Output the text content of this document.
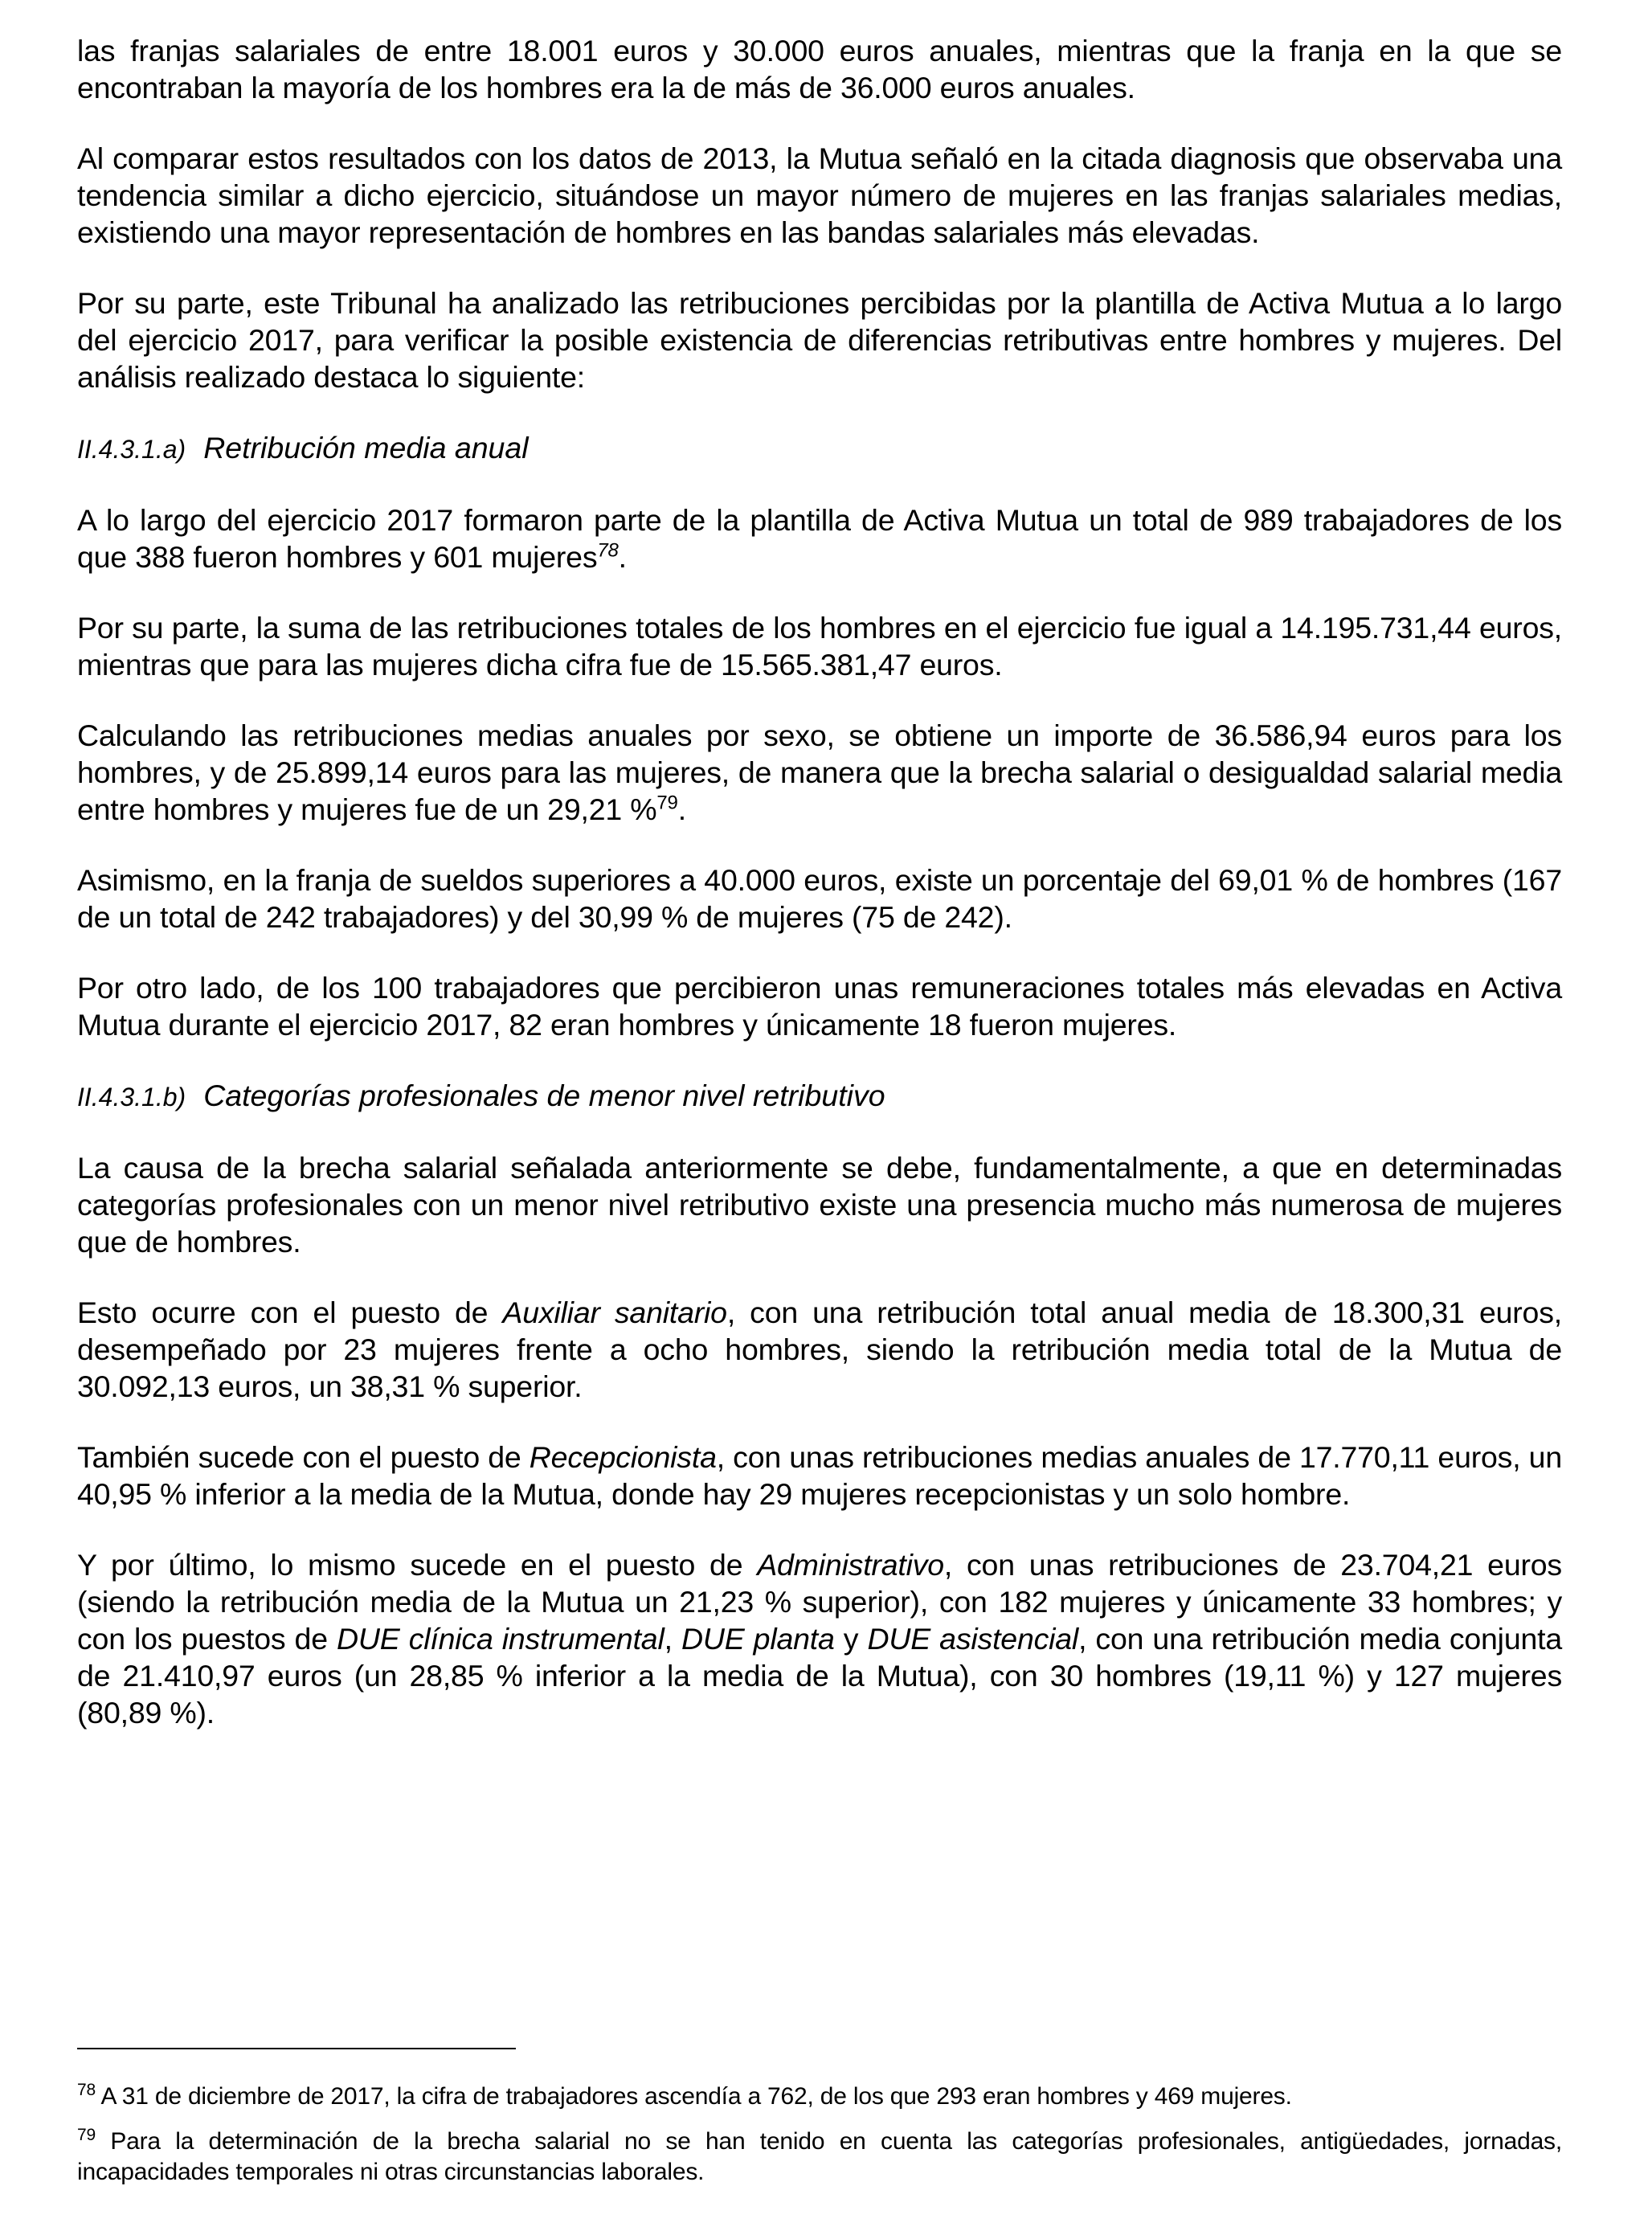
las franjas salariales de entre 18.001 euros y 30.000 euros anuales, mientras que la franja en la que se encontraban la mayoría de los hombres era la de más de 36.000 euros anuales.

Al comparar estos resultados con los datos de 2013, la Mutua señaló en la citada diagnosis que observaba una tendencia similar a dicho ejercicio, situándose un mayor número de mujeres en las franjas salariales medias, existiendo una mayor representación de hombres en las bandas salariales más elevadas.

Por su parte, este Tribunal ha analizado las retribuciones percibidas por la plantilla de Activa Mutua a lo largo del ejercicio 2017, para verificar la posible existencia de diferencias retributivas entre hombres y mujeres. Del análisis realizado destaca lo siguiente:

II.4.3.1.a) Retribución media anual

A lo largo del ejercicio 2017 formaron parte de la plantilla de Activa Mutua un total de 989 trabajadores de los que 388 fueron hombres y 601 mujeres$^{78}$.

Por su parte, la suma de las retribuciones totales de los hombres en el ejercicio fue igual a 14.195.731,44 euros, mientras que para las mujeres dicha cifra fue de 15.565.381,47 euros.

Calculando las retribuciones medias anuales por sexo, se obtiene un importe de 36.586,94 euros para los hombres, y de 25.899,14 euros para las mujeres, de manera que la brecha salarial o desigualdad salarial media entre hombres y mujeres fue de un 29,21 %$^{79}$.

Asimismo, en la franja de sueldos superiores a 40.000 euros, existe un porcentaje del 69,01 % de hombres (167 de un total de 242 trabajadores) y del 30,99 % de mujeres (75 de 242).

Por otro lado, de los 100 trabajadores que percibieron unas remuneraciones totales más elevadas en Activa Mutua durante el ejercicio 2017, 82 eran hombres y únicamente 18 fueron mujeres.

II.4.3.1.b) Categorías profesionales de menor nivel retributivo

La causa de la brecha salarial señalada anteriormente se debe, fundamentalmente, a que en determinadas categorías profesionales con un menor nivel retributivo existe una presencia mucho más numerosa de mujeres que de hombres.

Esto ocurre con el puesto de Auxiliar sanitario, con una retribución total anual media de 18.300,31 euros, desempeñado por 23 mujeres frente a ocho hombres, siendo la retribución media total de la Mutua de 30.092,13 euros, un 38,31 % superior.

También sucede con el puesto de Recepcionista, con unas retribuciones medias anuales de 17.770,11 euros, un 40,95 % inferior a la media de la Mutua, donde hay 29 mujeres recepcionistas y un solo hombre.

Y por último, lo mismo sucede en el puesto de Administrativo, con unas retribuciones de 23.704,21 euros (siendo la retribución media de la Mutua un 21,23 % superior), con 182 mujeres y únicamente 33 hombres; y con los puestos de DUE clínica instrumental, DUE planta y DUE asistencial, con una retribución media conjunta de 21.410,97 euros (un 28,85 % inferior a la media de la Mutua), con 30 hombres (19,11 %) y 127 mujeres (80,89 %).

$^{78}$ A 31 de diciembre de 2017, la cifra de trabajadores ascendía a 762, de los que 293 eran hombres y 469 mujeres.

$^{79}$ Para la determinación de la brecha salarial no se han tenido en cuenta las categorías profesionales, antigüedades, jornadas, incapacidades temporales ni otras circunstancias laborales.
